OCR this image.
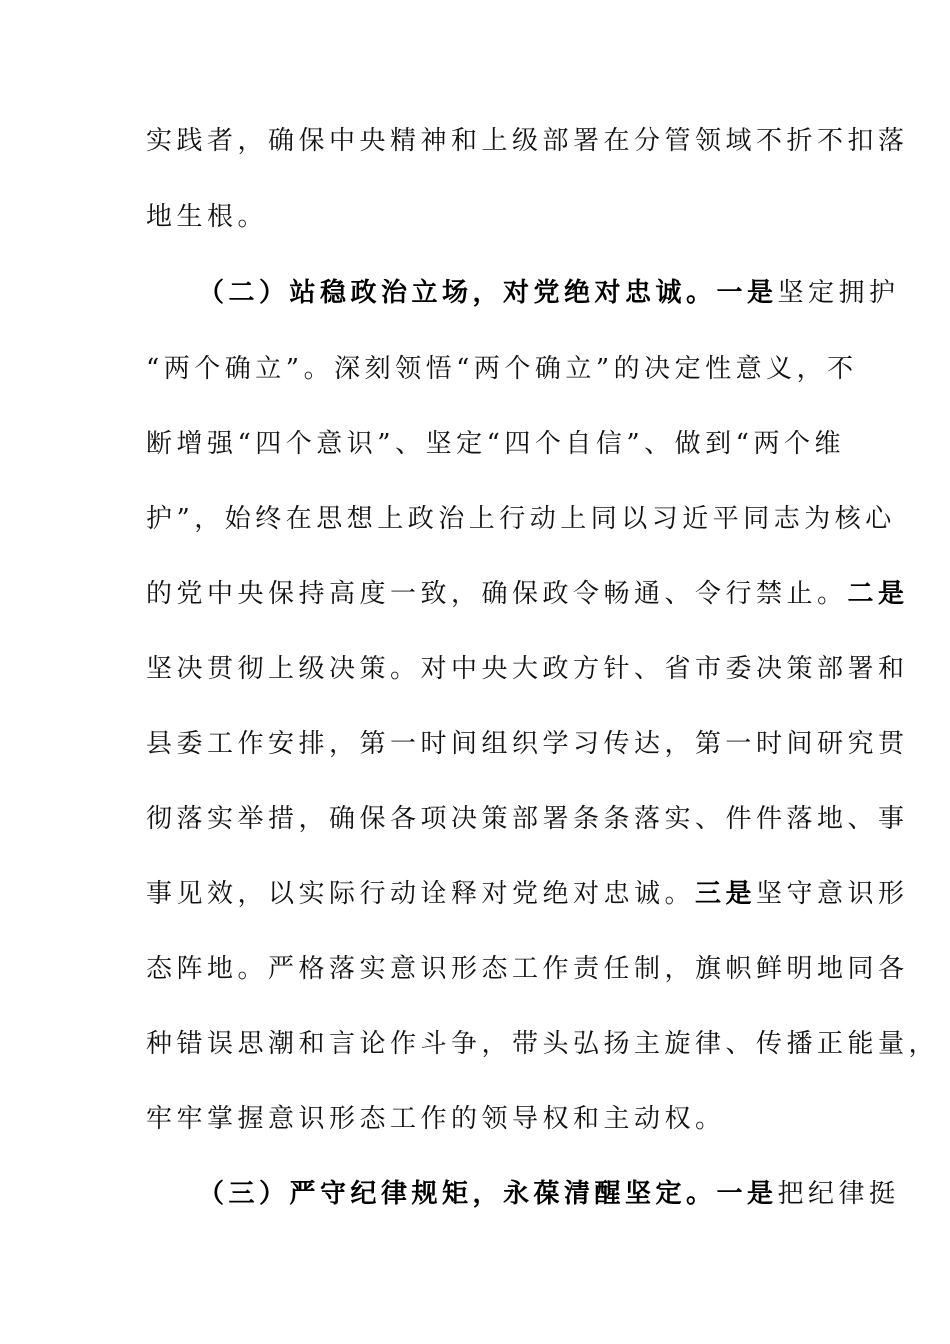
实践者，确保中央精神和上级部署在分管领域不折不扣落
地生根。
（二）站稳政治立场，对党绝对忠诚。一是坚定拥护
“两个确立”。深刻领悟“两个确立”的决定性意义，不
断增强“四个意识”、坚定“四个自信”、做到“两个维
护”，始终在思想上政治上行动上同以习近平同志为核心
的党中央保持高度一致，确保政令畅通、令行禁止。二是
坚决贯彻上级决策。对中央大政方针、省市委决策部署和
县委工作安排，第一时间组织学习传达，第一时间研究贯
彻落实举措，确保各项决策部署条条落实、件件落地、事
事见效，以实际行动诠释对党绝对忠诚。三是坚守意识形
态阵地。严格落实意识形态工作责任制，旗帜鲜明地同各
种错误思潮和言论作斗争，带头弘扬主旋律、传播正能量，
牢牢掌握意识形态工作的领导权和主动权。
（三）严守纪律规矩，永葆清醒坚定。一是把纪律挺
